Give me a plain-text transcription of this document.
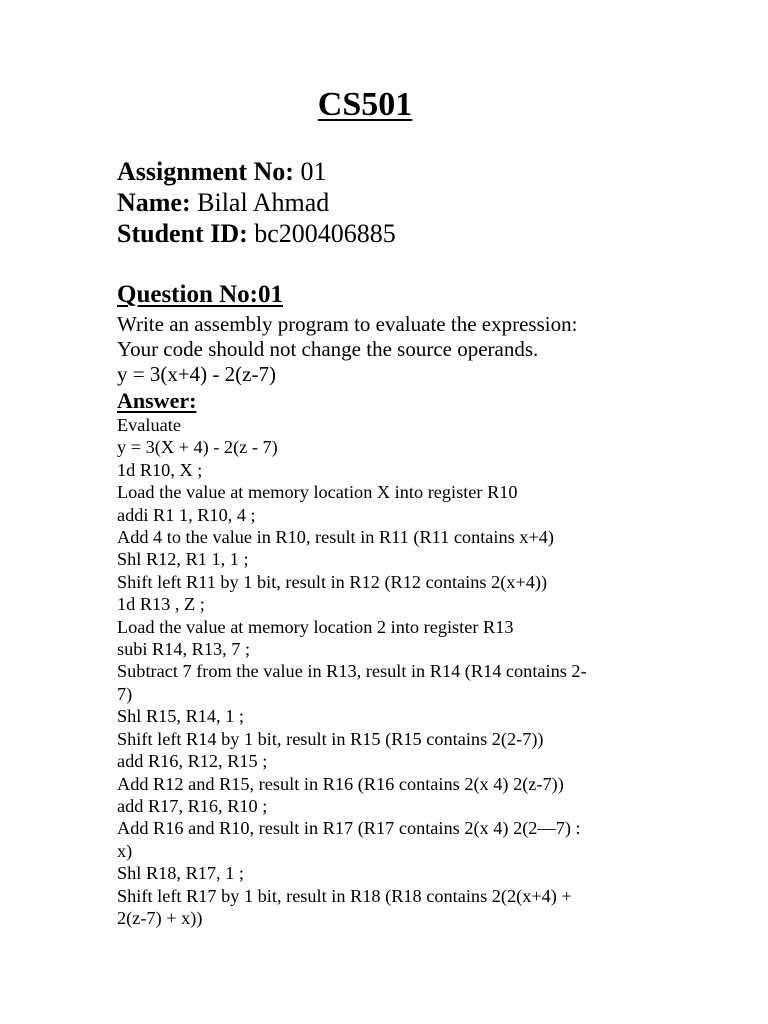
CS501
Assignment No: 01
Name: Bilal Ahmad
Student ID: bc200406885
Question No:01
Write an assembly program to evaluate the expression:
Your code should not change the source operands.
y = 3(x+4) - 2(z-7)
Answer:
Evaluate
y = 3(X + 4) - 2(z - 7)
1d R10, X ;
Load the value at memory location X into register R10
addi R1 1, R10, 4 ;
Add 4 to the value in R10, result in R11 (R11 contains x+4)
Shl R12, R1 1, 1 ;
Shift left R11 by 1 bit, result in R12 (R12 contains 2(x+4))
1d R13 , Z ;
Load the value at memory location 2 into register R13
subi R14, R13, 7 ;
Subtract 7 from the value in R13, result in R14 (R14 contains 2-
7)
Shl R15, R14, 1 ;
Shift left R14 by 1 bit, result in R15 (R15 contains 2(2-7))
add R16, R12, R15 ;
Add R12 and R15, result in R16 (R16 contains 2(x 4) 2(z-7))
add R17, R16, R10 ;
Add R16 and R10, result in R17 (R17 contains 2(x 4) 2(2—7) :
x)
Shl R18, R17, 1 ;
Shift left R17 by 1 bit, result in R18 (R18 contains 2(2(x+4) +
2(z-7) + x))
